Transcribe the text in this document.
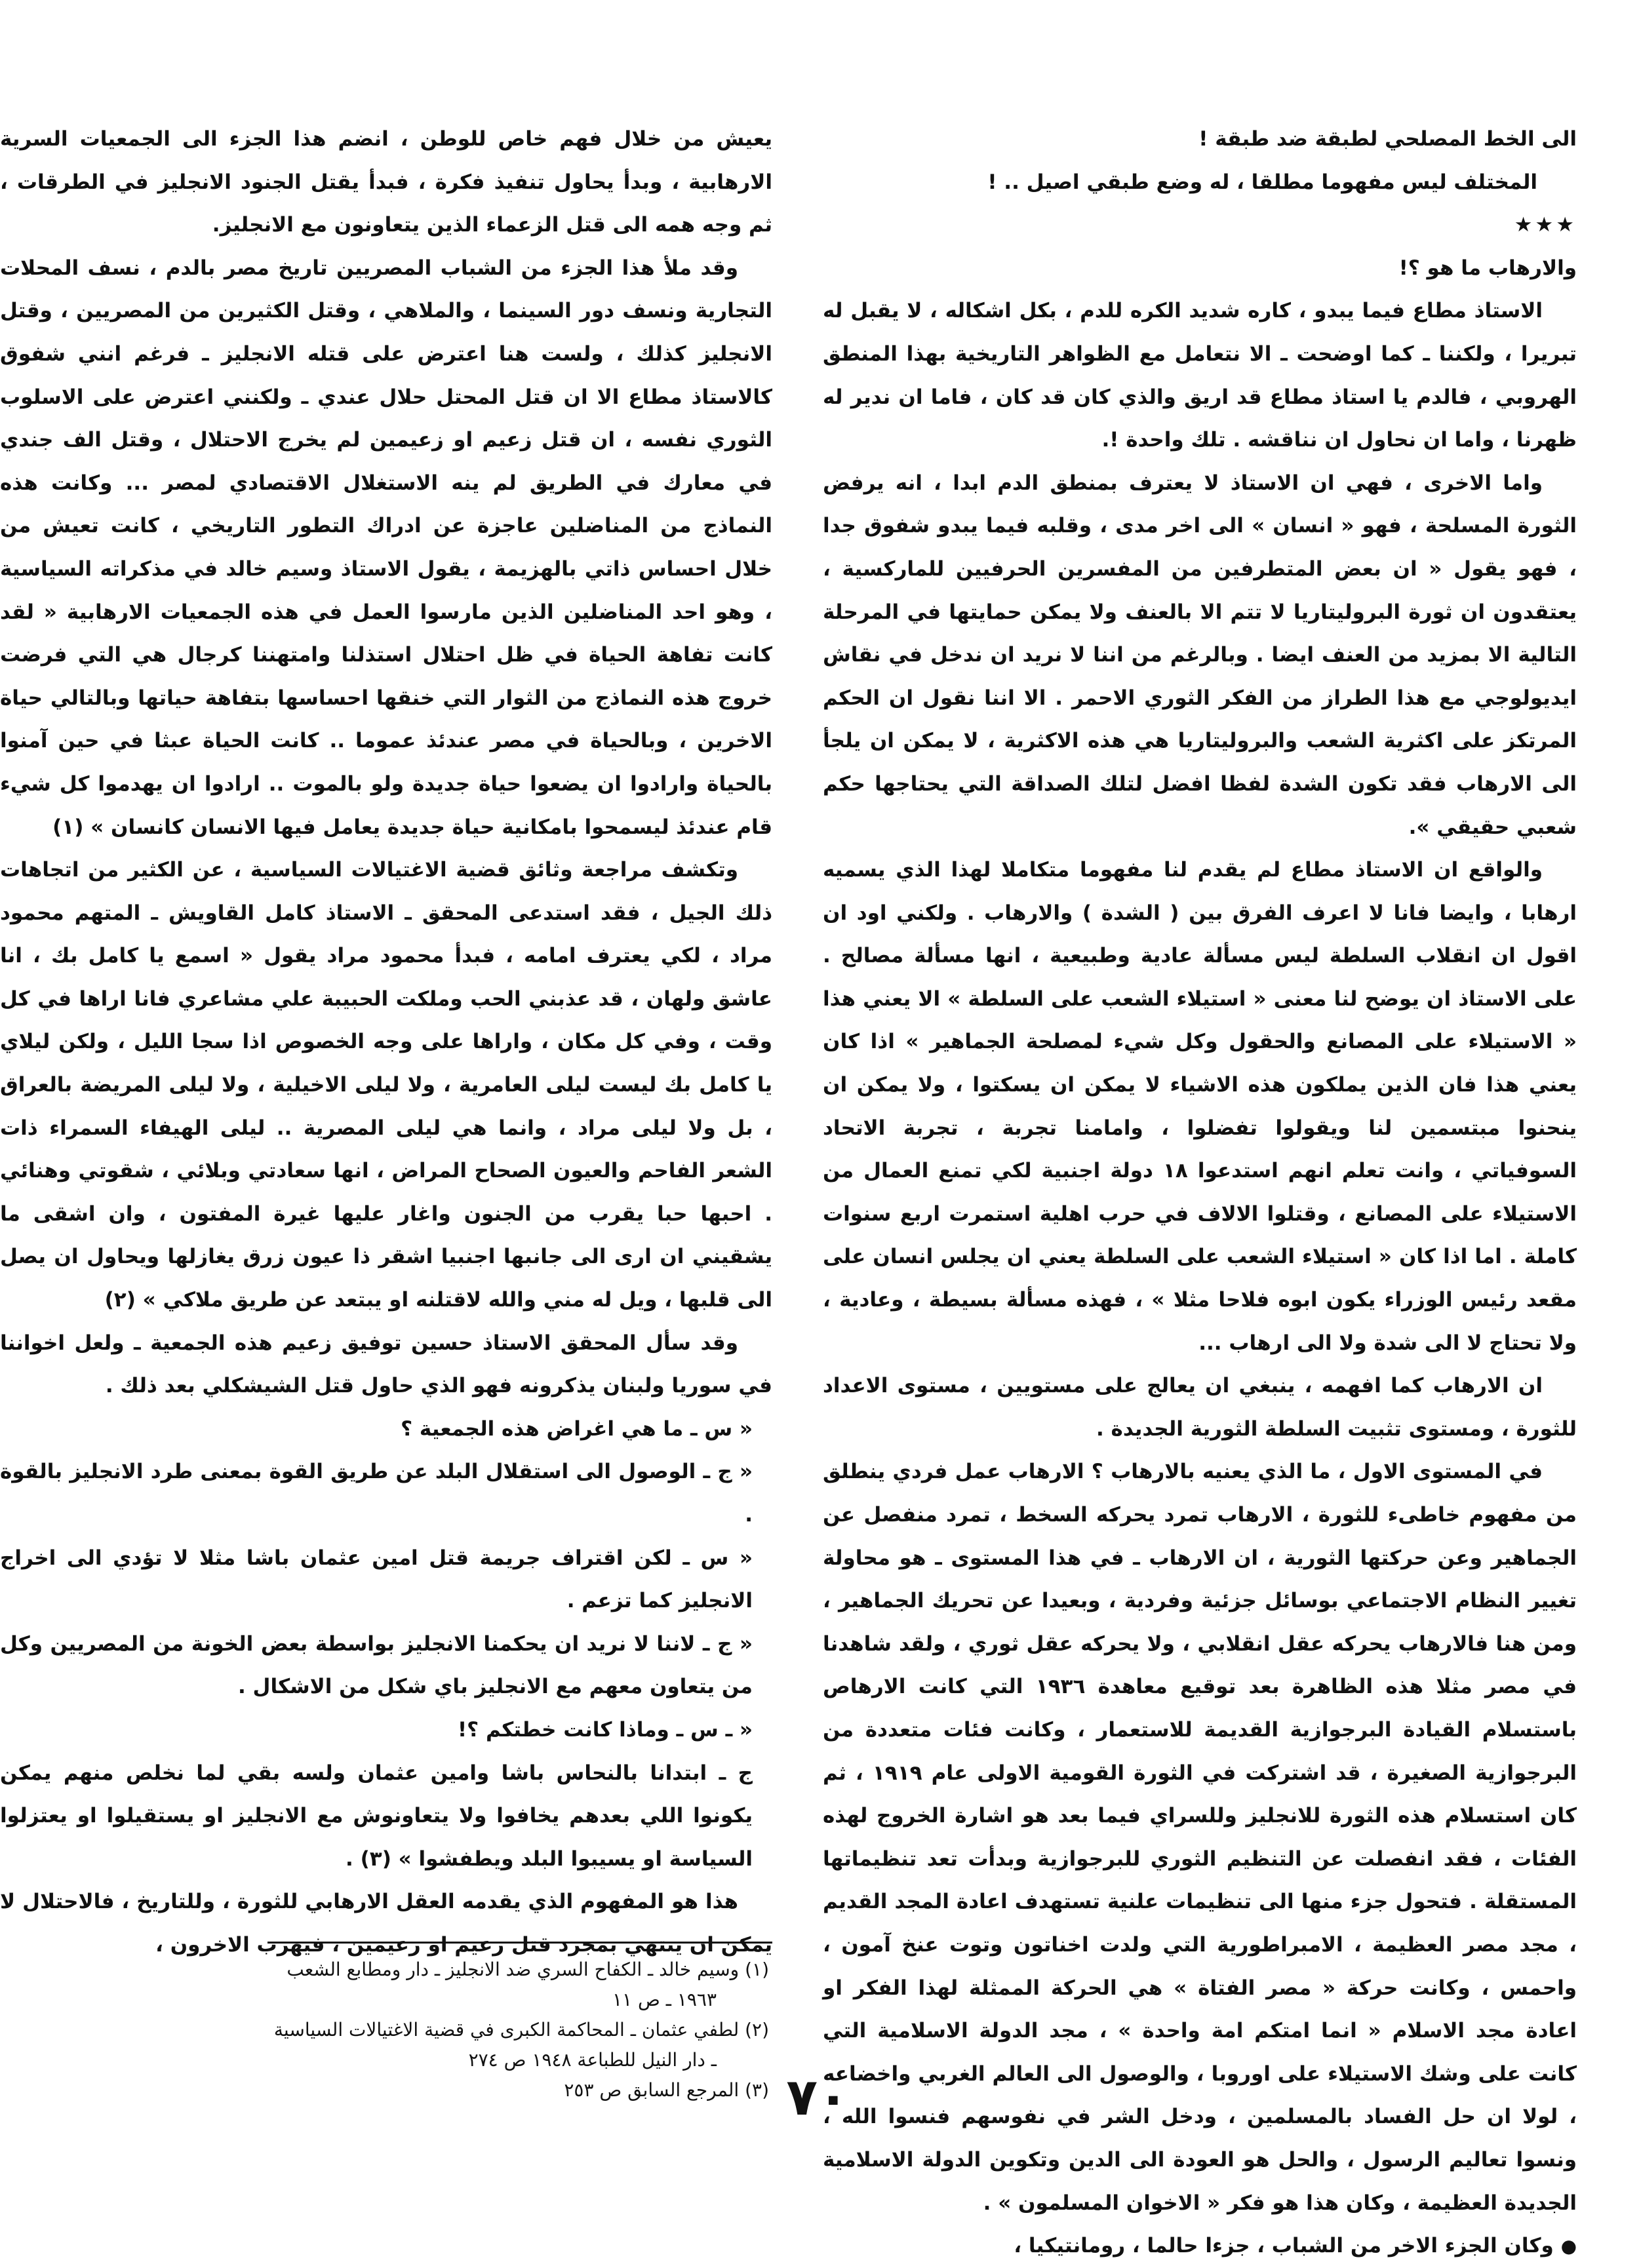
الى الخط المصلحي لطبقة ضد طبقة !

المختلف ليس مفهوما مطلقا ، له وضع طبقي اصيل .. !

★★★

والارهاب ما هو ؟!

الاستاذ مطاع فيما يبدو ، كاره شديد الكره للدم ، بكل اشكاله ، لا يقبل له تبريرا ، ولكننا ـ كما اوضحت ـ الا نتعامل مع الظواهر التاريخية بهذا المنطق الهروبي ، فالدم يا استاذ مطاع قد اريق والذي كان قد كان ، فاما ان ندير له ظهرنا ، واما ان نحاول ان نناقشه . تلك واحدة !.

واما الاخرى ، فهي ان الاستاذ لا يعترف بمنطق الدم ابدا ، انه يرفض الثورة المسلحة ، فهو « انسان » الى اخر مدى ، وقلبه فيما يبدو شفوق جدا ، فهو يقول « ان بعض المتطرفين من المفسرين الحرفيين للماركسية ، يعتقدون ان ثورة البروليتاريا لا تتم الا بالعنف ولا يمكن حمايتها في المرحلة التالية الا بمزيد من العنف ايضا . وبالرغم من اننا لا نريد ان ندخل في نقاش ايديولوجي مع هذا الطراز من الفكر الثوري الاحمر . الا اننا نقول ان الحكم المرتكز على اكثرية الشعب والبروليتاريا هي هذه الاكثرية ، لا يمكن ان يلجأ الى الارهاب فقد تكون الشدة لفظا افضل لتلك الصداقة التي يحتاجها حكم شعبي حقيقي ».

والواقع ان الاستاذ مطاع لم يقدم لنا مفهوما متكاملا لهذا الذي يسميه ارهابا ، وايضا فانا لا اعرف الفرق بين ( الشدة ) والارهاب . ولكني اود ان اقول ان انقلاب السلطة ليس مسألة عادية وطبيعية ، انها مسألة مصالح . على الاستاذ ان يوضح لنا معنى « استيلاء الشعب على السلطة » الا يعني هذا « الاستيلاء على المصانع والحقول وكل شيء لمصلحة الجماهير » اذا كان يعني هذا فان الذين يملكون هذه الاشياء لا يمكن ان يسكتوا ، ولا يمكن ان ينحنوا مبتسمين لنا ويقولوا تفضلوا ، وامامنا تجربة ، تجربة الاتحاد السوفياتي ، وانت تعلم انهم استدعوا ١٨ دولة اجنبية لكي تمنع العمال من الاستيلاء على المصانع ، وقتلوا الالاف في حرب اهلية استمرت اربع سنوات كاملة . اما اذا كان « استيلاء الشعب على السلطة يعني ان يجلس انسان على مقعد رئيس الوزراء يكون ابوه فلاحا مثلا » ، فهذه مسألة بسيطة ، وعادية ، ولا تحتاج لا الى شدة ولا الى ارهاب ...

ان الارهاب كما افهمه ، ينبغي ان يعالج على مستويين ، مستوى الاعداد للثورة ، ومستوى تثبيت السلطة الثورية الجديدة .

في المستوى الاول ، ما الذي يعنيه بالارهاب ؟ الارهاب عمل فردي ينطلق من مفهوم خاطىء للثورة ، الارهاب تمرد يحركه السخط ، تمرد منفصل عن الجماهير وعن حركتها الثورية ، ان الارهاب ـ في هذا المستوى ـ هو محاولة تغيير النظام الاجتماعي بوسائل جزئية وفردية ، وبعيدا عن تحريك الجماهير ، ومن هنا فالارهاب يحركه عقل انقلابي ، ولا يحركه عقل ثوري ، ولقد شاهدنا في مصر مثلا هذه الظاهرة بعد توقيع معاهدة ١٩٣٦ التي كانت الارهاص باستسلام القيادة البرجوازية القديمة للاستعمار ، وكانت فئات متعددة من البرجوازية الصغيرة ، قد اشتركت في الثورة القومية الاولى عام ١٩١٩ ، ثم كان استسلام هذه الثورة للانجليز وللسراي فيما بعد هو اشارة الخروج لهذه الفئات ، فقد انفصلت عن التنظيم الثوري للبرجوازية وبدأت تعد تنظيماتها المستقلة . فتحول جزء منها الى تنظيمات علنية تستهدف اعادة المجد القديم ، مجد مصر العظيمة ، الامبراطورية التي ولدت اخناتون وتوت عنخ آمون ، واحمس ، وكانت حركة « مصر الفتاة » هي الحركة الممثلة لهذا الفكر او اعادة مجد الاسلام « انما امتكم امة واحدة » ، مجد الدولة الاسلامية التي كانت على وشك الاستيلاء على اوروبا ، والوصول الى العالم الغربي واخضاعه ، لولا ان حل الفساد بالمسلمين ، ودخل الشر في نفوسهم فنسوا الله ، ونسوا تعاليم الرسول ، والحل هو العودة الى الدين وتكوين الدولة الاسلامية الجديدة العظيمة ، وكان هذا هو فكر « الاخوان المسلمون » .

● وكان الجزء الاخر من الشباب ، جزءا حالما ، رومانتيكيا ،

يعيش من خلال فهم خاص للوطن ، انضم هذا الجزء الى الجمعيات السرية الارهابية ، وبدأ يحاول تنفيذ فكرة ، فبدأ يقتل الجنود الانجليز في الطرقات ، ثم وجه همه الى قتل الزعماء الذين يتعاونون مع الانجليز.

وقد ملأ هذا الجزء من الشباب المصريين تاريخ مصر بالدم ، نسف المحلات التجارية ونسف دور السينما ، والملاهي ، وقتل الكثيرين من المصريين ، وقتل الانجليز كذلك ، ولست هنا اعترض على قتله الانجليز ـ فرغم انني شفوق كالاستاذ مطاع الا ان قتل المحتل حلال عندي ـ ولكنني اعترض على الاسلوب الثوري نفسه ، ان قتل زعيم او زعيمين لم يخرج الاحتلال ، وقتل الف جندي في معارك في الطريق لم ينه الاستغلال الاقتصادي لمصر ... وكانت هذه النماذج من المناضلين عاجزة عن ادراك التطور التاريخي ، كانت تعيش من خلال احساس ذاتي بالهزيمة ، يقول الاستاذ وسيم خالد في مذكراته السياسية ، وهو احد المناضلين الذين مارسوا العمل في هذه الجمعيات الارهابية « لقد كانت تفاهة الحياة في ظل احتلال استذلنا وامتهننا كرجال هي التي فرضت خروج هذه النماذج من الثوار التي خنقها احساسها بتفاهة حياتها وبالتالي حياة الاخرين ، وبالحياة في مصر عندئذ عموما .. كانت الحياة عبثا في حين آمنوا بالحياة وارادوا ان يضعوا حياة جديدة ولو بالموت .. ارادوا ان يهدموا كل شيء قام عندئذ ليسمحوا بامكانية حياة جديدة يعامل فيها الانسان كانسان » (١)

وتكشف مراجعة وثائق قضية الاغتيالات السياسية ، عن الكثير من اتجاهات ذلك الجيل ، فقد استدعى المحقق ـ الاستاذ كامل القاويش ـ المتهم محمود مراد ، لكي يعترف امامه ، فبدأ محمود مراد يقول « اسمع يا كامل بك ، انا عاشق ولهان ، قد عذبني الحب وملكت الحبيبة علي مشاعري فانا اراها في كل وقت ، وفي كل مكان ، واراها على وجه الخصوص اذا سجا الليل ، ولكن ليلاي يا كامل بك ليست ليلى العامرية ، ولا ليلى الاخيلية ، ولا ليلى المريضة بالعراق ، بل ولا ليلى مراد ، وانما هي ليلى المصرية .. ليلى الهيفاء السمراء ذات الشعر الفاحم والعيون الصحاح المراض ، انها سعادتي وبلائي ، شقوتي وهنائي . احبها حبا يقرب من الجنون واغار عليها غيرة المفتون ، وان اشقى ما يشقيني ان ارى الى جانبها اجنبيا اشقر ذا عيون زرق يغازلها ويحاول ان يصل الى قلبها ، ويل له مني والله لاقتلنه او يبتعد عن طريق ملاكي » (٢)

وقد سأل المحقق الاستاذ حسين توفيق زعيم هذه الجمعية ـ ولعل اخواننا في سوريا ولبنان يذكرونه فهو الذي حاول قتل الشيشكلي بعد ذلك .

« س ـ ما هي اغراض هذه الجمعية ؟

« ج ـ الوصول الى استقلال البلد عن طريق القوة بمعنى طرد الانجليز بالقوة .

« س ـ لكن اقتراف جريمة قتل امين عثمان باشا مثلا لا تؤدي الى اخراج الانجليز كما تزعم .

« ج ـ لاننا لا نريد ان يحكمنا الانجليز بواسطة بعض الخونة من المصريين وكل من يتعاون معهم مع الانجليز باي شكل من الاشكال .

« ـ س ـ وماذا كانت خطتكم ؟!

ج ـ ابتدانا بالنحاس باشا وامين عثمان ولسه بقي لما نخلص منهم يمكن يكونوا اللي بعدهم يخافوا ولا يتعاونوش مع الانجليز او يستقيلوا او يعتزلوا السياسة او يسيبوا البلد ويطفشوا » (٣) .

هذا هو المفهوم الذي يقدمه العقل الارهابي للثورة ، وللتاريخ ، فالاحتلال لا يمكن ان ينتهي بمجرد قتل زعيم او زعيمين ، فيهرب الاخرون ،

(١) وسيم خالد ـ الكفاح السري ضد الانجليز ـ دار ومطابع الشعب

١٩٦٣ ـ ص ١١

(٢) لطفي عثمان ـ المحاكمة الكبرى في قضية الاغتيالات السياسية

ـ دار النيل للطباعة ١٩٤٨ ص ٢٧٤

(٣) المرجع السابق ص ٢٥٣ ٧٠
